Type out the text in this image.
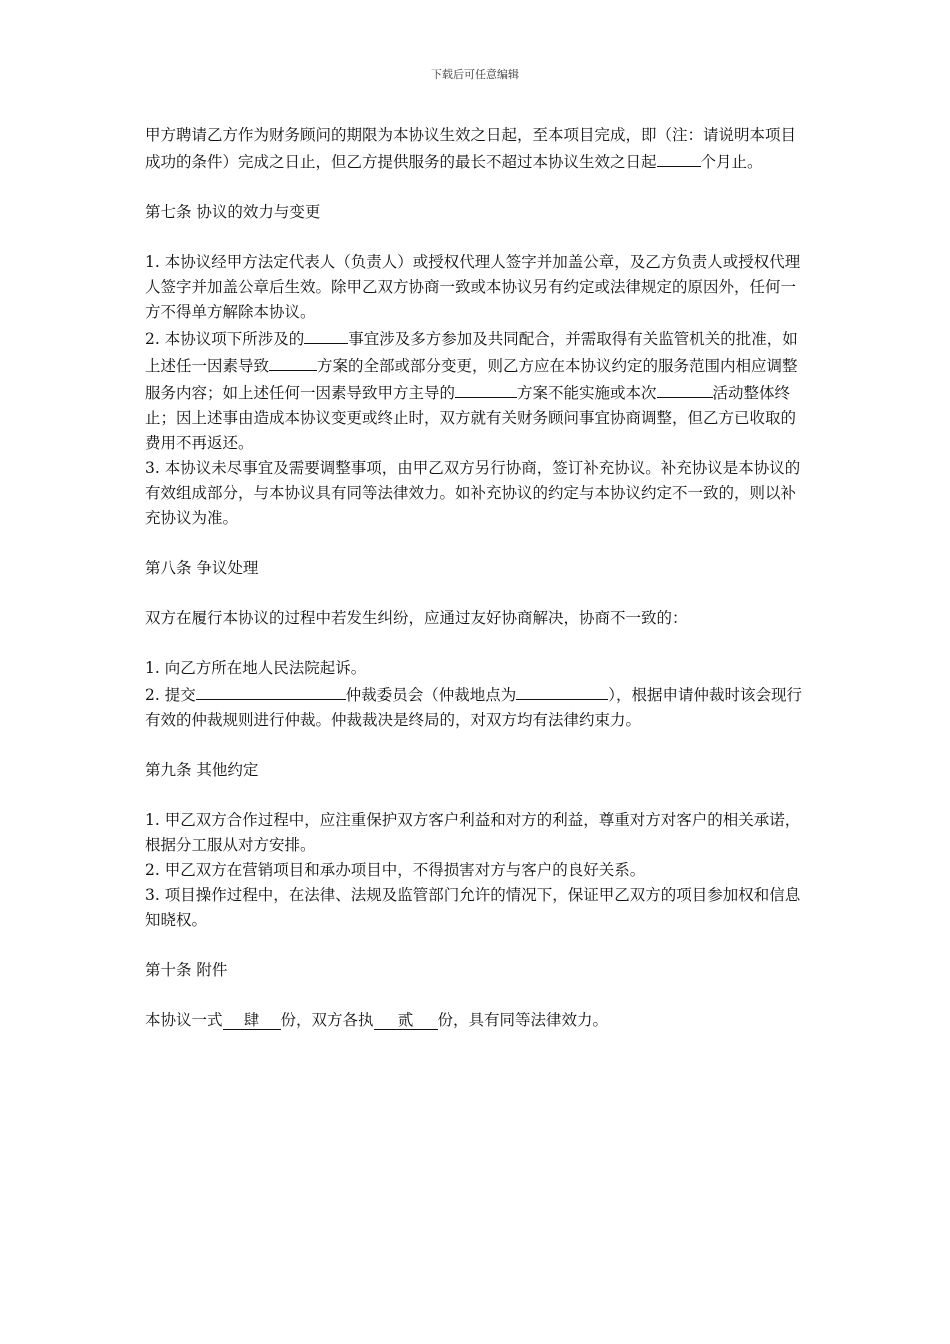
下载后可任意编辑

甲方聘请乙方作为财务顾问的期限为本协议生效之日起，至本项目完成，即（注：请说明本项目成功的条件）完成之日止，但乙方提供服务的最长不超过本协议生效之日起	个月止。

第七条 协议的效力与变更

1. 本协议经甲方法定代表人（负责人）或授权代理人签字并加盖公章，及乙方负责人或授权代理人签字并加盖公章后生效。除甲乙双方协商一致或本协议另有约定或法律规定的原因外，任何一方不得单方解除本协议。

2. 本协议项下所涉及的	事宜涉及多方参加及共同配合，并需取得有关监管机关的批准，如上述任一因素导致	方案的全部或部分变更，则乙方应在本协议约定的服务范围内相应调整服务内容；如上述任何一因素导致甲方主导的	方案不能实施或本次	活动整体终止；因上述事由造成本协议变更或终止时，双方就有关财务顾问事宜协商调整，但乙方已收取的费用不再返还。

3. 本协议未尽事宜及需要调整事项，由甲乙双方另行协商，签订补充协议。补充协议是本协议的有效组成部分，与本协议具有同等法律效力。如补充协议的约定与本协议约定不一致的，则以补充协议为准。

第八条 争议处理

双方在履行本协议的过程中若发生纠纷，应通过友好协商解决，协商不一致的：

1. 向乙方所在地人民法院起诉。

2. 提交	仲裁委员会（仲裁地点为	），根据申请仲裁时该会现行有效的仲裁规则进行仲裁。仲裁裁决是终局的，对双方均有法律约束力。

第九条 其他约定

1. 甲乙双方合作过程中，应注重保护双方客户利益和对方的利益，尊重对方对客户的相关承诺，根据分工服从对方安排。

2. 甲乙双方在营销项目和承办项目中，不得损害对方与客户的良好关系。

3. 项目操作过程中，在法律、法规及监管部门允许的情况下，保证甲乙双方的项目参加权和信息知晓权。

第十条 附件

本协议一式 肆 份，双方各执 贰 份，具有同等法律效力。
